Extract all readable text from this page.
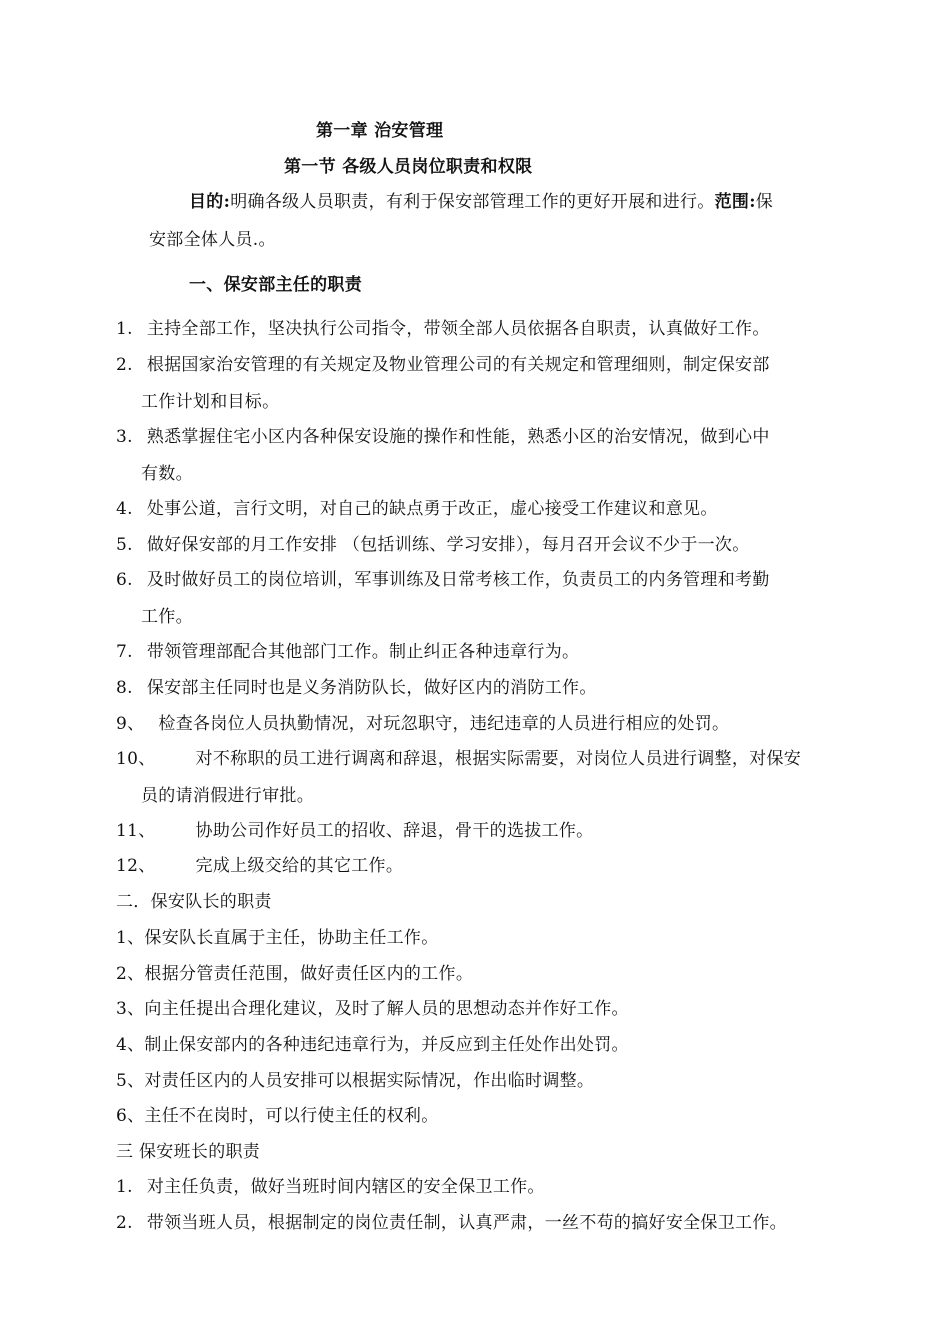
第一章 治安管理
第一节 各级人员岗位职责和权限
目的:明确各级人员职责，有利于保安部管理工作的更好开展和进行。范围:保
安部全体人员.。
一、保安部主任的职责
1. 主持全部工作，坚决执行公司指令，带领全部人员依据各自职责，认真做好工作。
2. 根据国家治安管理的有关规定及物业管理公司的有关规定和管理细则，制定保安部
工作计划和目标。
3. 熟悉掌握住宅小区内各种保安设施的操作和性能，熟悉小区的治安情况，做到心中
有数。
4. 处事公道，言行文明，对自己的缺点勇于改正，虚心接受工作建议和意见。
5. 做好保安部的月工作安排 （包括训练、学习安排），每月召开会议不少于一次。
6. 及时做好员工的岗位培训，军事训练及日常考核工作，负责员工的内务管理和考勤
工作。
7. 带领管理部配合其他部门工作。制止纠正各种违章行为。
8. 保安部主任同时也是义务消防队长，做好区内的消防工作。
9、 检查各岗位人员执勤情况，对玩忽职守，违纪违章的人员进行相应的处罚。
10、 对不称职的员工进行调离和辞退，根据实际需要，对岗位人员进行调整，对保安
员的请消假进行审批。
11、 协助公司作好员工的招收、辞退，骨干的选拔工作。
12、 完成上级交给的其它工作。
二．保安队长的职责
1、保安队长直属于主任，协助主任工作。
2、根据分管责任范围，做好责任区内的工作。
3、向主任提出合理化建议，及时了解人员的思想动态并作好工作。
4、制止保安部内的各种违纪违章行为，并反应到主任处作出处罚。
5、对责任区内的人员安排可以根据实际情况，作出临时调整。
6、主任不在岗时，可以行使主任的权利。
三 保安班长的职责
1. 对主任负责，做好当班时间内辖区的安全保卫工作。
2. 带领当班人员，根据制定的岗位责任制，认真严肃，一丝不苟的搞好安全保卫工作。
